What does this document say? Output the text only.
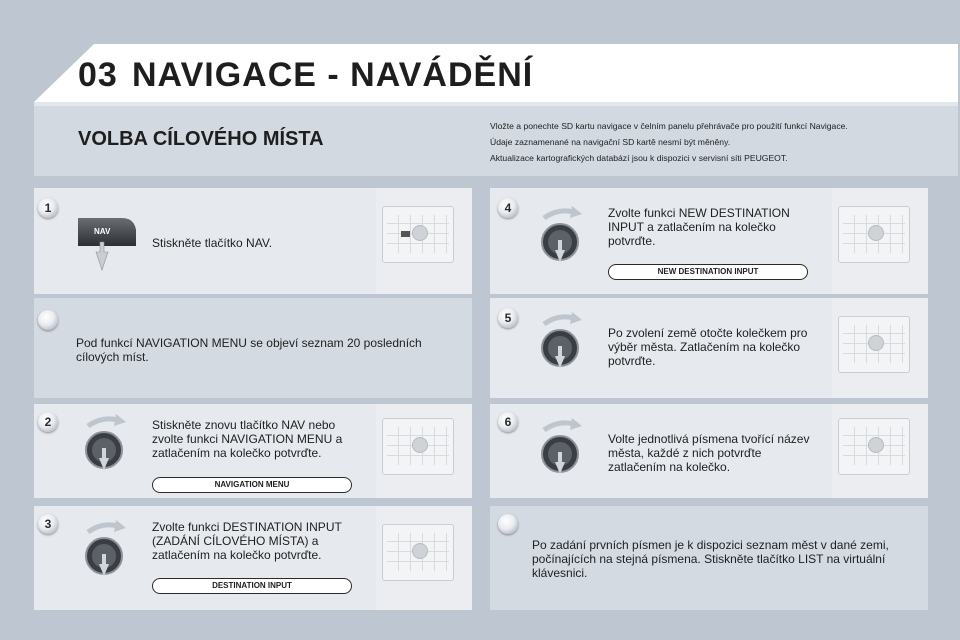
03 NAVIGACE - NAVÁDĚNÍ
VOLBA CÍLOVÉHO MÍSTA
Vložte a ponechte SD kartu navigace v čelním panelu přehrávače pro použití funkcí Navigace.
Údaje zaznamenané na navigační SD kartě nesmí být měněny.
Aktualizace kartografických databází jsou k dispozici v servisní síti PEUGEOT.
1
NAV
Stiskněte tlačítko NAV.
Pod funkcí NAVIGATION MENU se objeví seznam 20 posledních cílových míst.
2	Stiskněte znovu tlačítko NAV nebo zvolte funkci NAVIGATION MENU a zatlačením na kolečko potvrďte.
NAVIGATION MENU
3	Zvolte funkci DESTINATION INPUT (ZADÁNÍ CÍLOVÉHO MÍSTA) a zatlačením na kolečko potvrďte.
DESTINATION INPUT
4	Zvolte funkci NEW DESTINATION INPUT a zatlačením na kolečko potvrďte.
NEW DESTINATION INPUT
5
Po zvolení země otočte kolečkem pro výběr města. Zatlačením na kolečko potvrďte.
6
Volte jednotlivá písmena tvořící název města, každé z nich potvrďte zatlačením na kolečko.
Po zadání prvních písmen je k dispozici seznam měst v dané zemi, počínajících na stejná písmena. Stiskněte tlačítko LIST na virtuální klávesnici.
